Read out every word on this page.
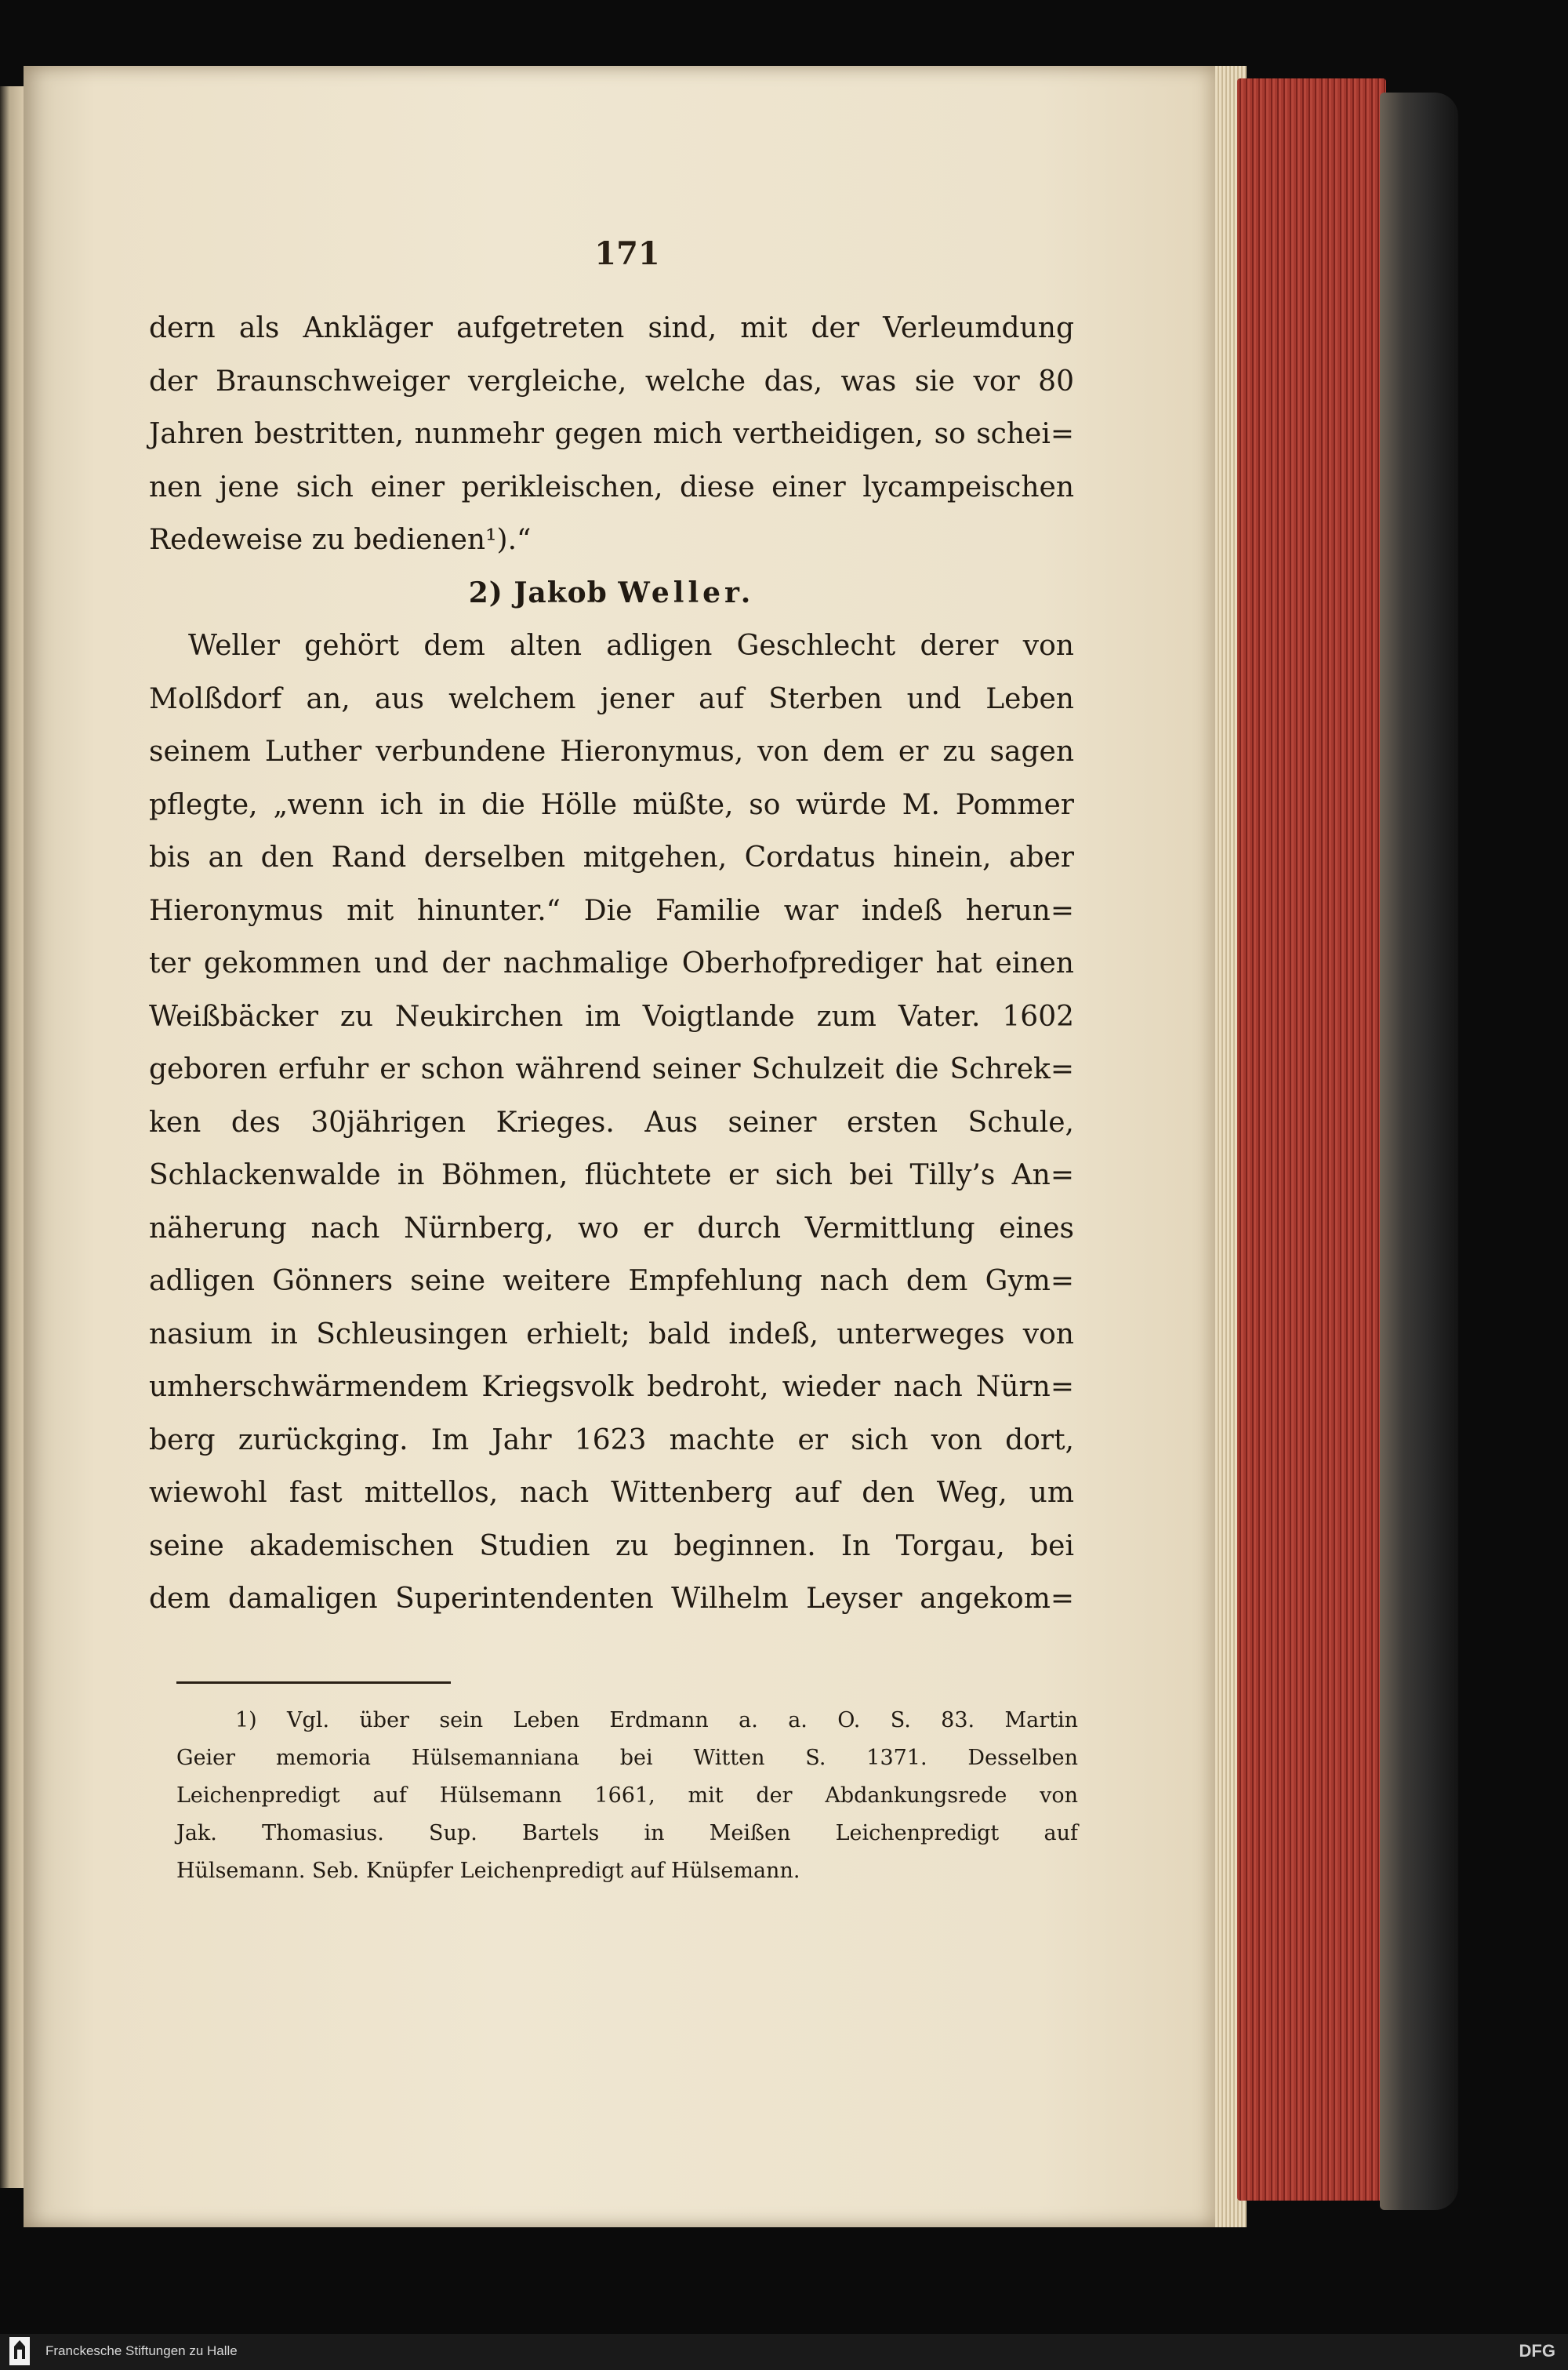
171

dern als Ankläger aufgetreten sind, mit der Verleumdung
der Braunschweiger vergleiche, welche das, was sie vor 80
Jahren bestritten, nunmehr gegen mich vertheidigen, so schei=
nen jene sich einer perikleischen, diese einer lycampeischen
Redeweise zu bedienen¹).“
2) Jakob Weller.
Weller gehört dem alten adligen Geschlecht derer von
Molßdorf an, aus welchem jener auf Sterben und Leben
seinem Luther verbundene Hieronymus, von dem er zu sagen
pflegte, „wenn ich in die Hölle müßte, so würde M. Pommer
bis an den Rand derselben mitgehen, Cordatus hinein, aber
Hieronymus mit hinunter.“ Die Familie war indeß herun=
ter gekommen und der nachmalige Oberhofprediger hat einen
Weißbäcker zu Neukirchen im Voigtlande zum Vater. 1602
geboren erfuhr er schon während seiner Schulzeit die Schrek=
ken des 30jährigen Krieges. Aus seiner ersten Schule,
Schlackenwalde in Böhmen, flüchtete er sich bei Tilly’s An=
näherung nach Nürnberg, wo er durch Vermittlung eines
adligen Gönners seine weitere Empfehlung nach dem Gym=
nasium in Schleusingen erhielt; bald indeß, unterweges von
umherschwärmendem Kriegsvolk bedroht, wieder nach Nürn=
berg zurückging. Im Jahr 1623 machte er sich von dort,
wiewohl fast mittellos, nach Wittenberg auf den Weg, um
seine akademischen Studien zu beginnen. In Torgau, bei
dem damaligen Superintendenten Wilhelm Leyser angekom=
1) Vgl. über sein Leben Erdmann a. a. O. S. 83. Martin
Geier memoria Hülsemanniana bei Witten S. 1371. Desselben
Leichenpredigt auf Hülsemann 1661, mit der Abdankungsrede von
Jak. Thomasius. Sup. Bartels in Meißen Leichenpredigt auf
Hülsemann. Seb. Knüpfer Leichenpredigt auf Hülsemann.
Franckesche Stiftungen zu Halle	DFG
